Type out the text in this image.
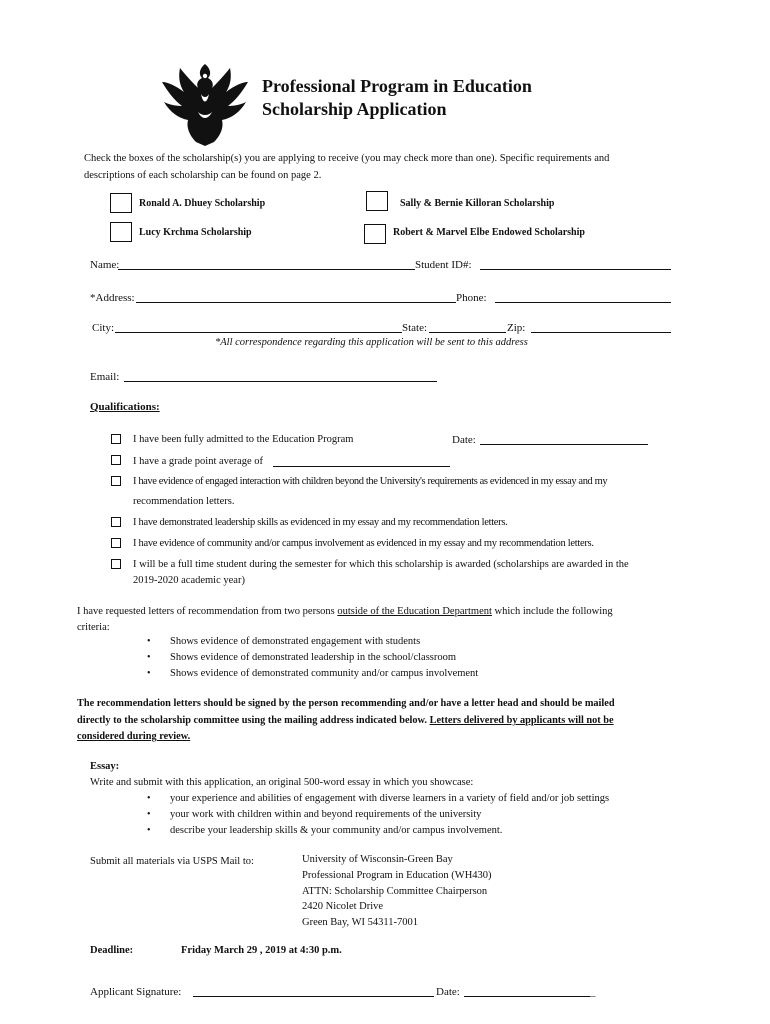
Professional Program in Education
Scholarship Application
Check the boxes of the scholarship(s) you are applying to receive (you may check more than one). Specific requirements and
descriptions of each scholarship can be found on page 2.
Ronald A. Dhuey Scholarship	Sally & Bernie Killoran Scholarship
Lucy Krchma Scholarship	Robert & Marvel Elbe Endowed Scholarship
Name:	Student ID#:
*Address:	Phone:
City:	State:	Zip:
*All correspondence regarding this application will be sent to this address
Email:
Qualifications:
I have been fully admitted to the Education Program	Date:
I have a grade point average of
I have evidence of engaged interaction with children beyond the University's requirements as evidenced in my essay and my
recommendation letters.
I have demonstrated leadership skills as evidenced in my essay and my recommendation letters.
I have evidence of community and/or campus involvement as evidenced in my essay and my recommendation letters.
I will be a full time student during the semester for which this scholarship is awarded (scholarships are awarded in the
2019-2020 academic year)
I have requested letters of recommendation from two persons outside of the Education Department which include the following
criteria:
• Shows evidence of demonstrated engagement with students
• Shows evidence of demonstrated leadership in the school/classroom
• Shows evidence of demonstrated community and/or campus involvement
The recommendation letters should be signed by the person recommending and/or have a letter head and should be mailed
directly to the scholarship committee using the mailing address indicated below. Letters delivered by applicants will not be
considered during review.
Essay:
Write and submit with this application, an original 500-word essay in which you showcase:
• your experience and abilities of engagement with diverse learners in a variety of field and/or job settings
• your work with children within and beyond requirements of the university
• describe your leadership skills & your community and/or campus involvement.
Submit all materials via USPS Mail to:	University of Wisconsin-Green Bay
Professional Program in Education (WH430)
ATTN: Scholarship Committee Chairperson
2420 Nicolet Drive
Green Bay, WI 54311-7001
Deadline:	Friday March 29 , 2019 at 4:30 p.m.
Applicant Signature:	Date:	_
